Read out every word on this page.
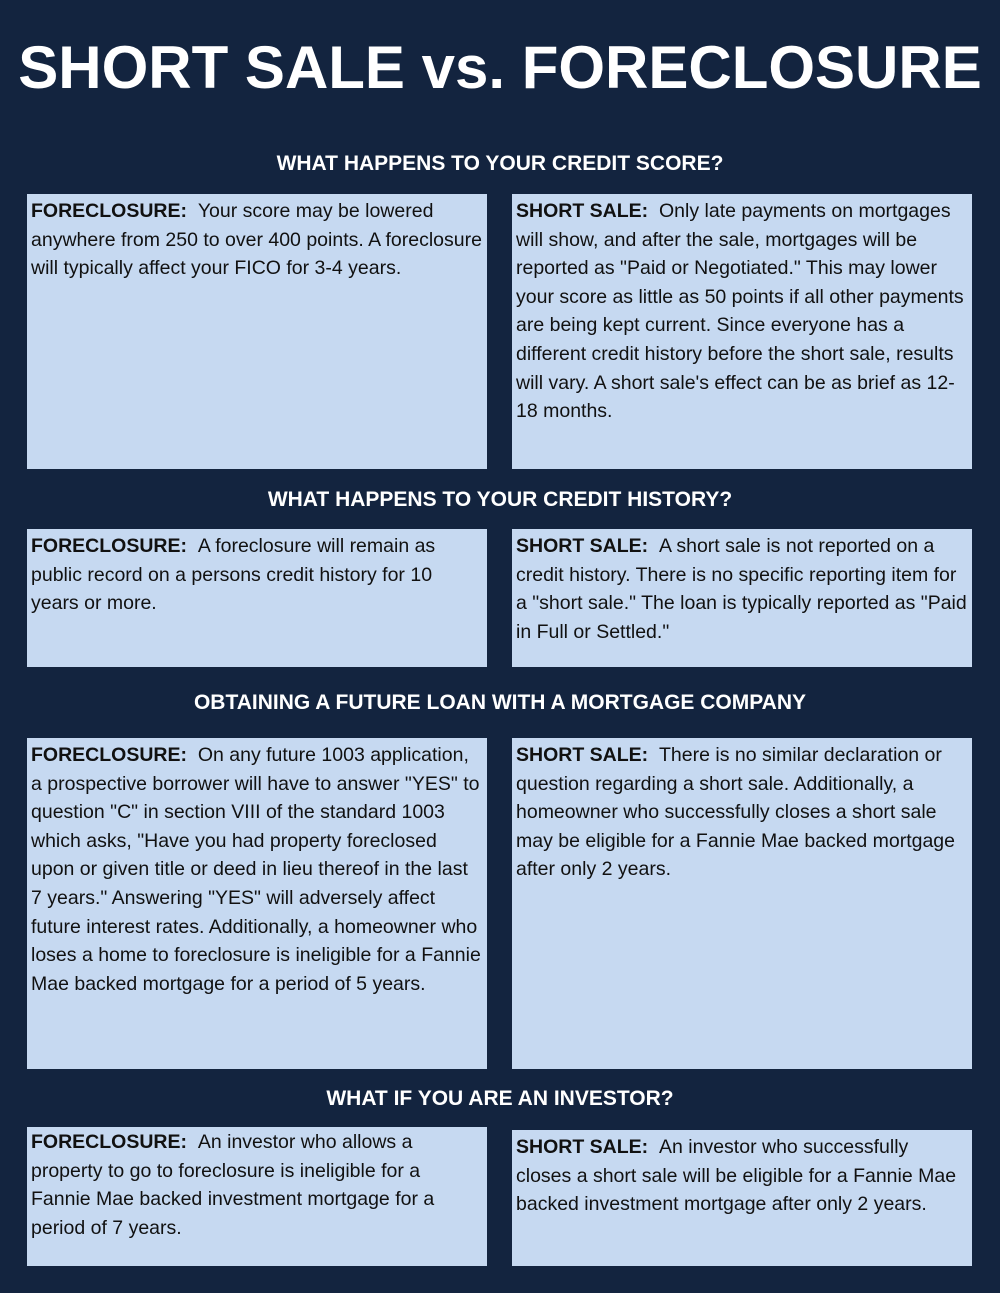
SHORT SALE vs. FORECLOSURE
WHAT HAPPENS TO YOUR CREDIT SCORE?
FORECLOSURE: Your score may be lowered anywhere from 250 to over 400 points. A foreclosure will typically affect your FICO for 3-4 years.
SHORT SALE: Only late payments on mortgages will show, and after the sale, mortgages will be reported as "Paid or Negotiated." This may lower your score as little as 50 points if all other payments are being kept current. Since everyone has a different credit history before the short sale, results will vary. A short sale's effect can be as brief as 12-18 months.
WHAT HAPPENS TO YOUR CREDIT HISTORY?
FORECLOSURE: A foreclosure will remain as public record on a persons credit history for 10 years or more.
SHORT SALE: A short sale is not reported on a credit history. There is no specific reporting item for a "short sale." The loan is typically reported as "Paid in Full or Settled."
OBTAINING A FUTURE LOAN WITH A MORTGAGE COMPANY
FORECLOSURE: On any future 1003 application, a prospective borrower will have to answer "YES" to question "C" in section VIII of the standard 1003 which asks, "Have you had property foreclosed upon or given title or deed in lieu thereof in the last 7 years." Answering "YES" will adversely affect future interest rates. Additionally, a homeowner who loses a home to foreclosure is ineligible for a Fannie Mae backed mortgage for a period of 5 years.
SHORT SALE: There is no similar declaration or question regarding a short sale. Additionally, a homeowner who successfully closes a short sale may be eligible for a Fannie Mae backed mortgage after only 2 years.
WHAT IF YOU ARE AN INVESTOR?
FORECLOSURE: An investor who allows a property to go to foreclosure is ineligible for a Fannie Mae backed investment mortgage for a period of 7 years.
SHORT SALE: An investor who successfully closes a short sale will be eligible for a Fannie Mae backed investment mortgage after only 2 years.
